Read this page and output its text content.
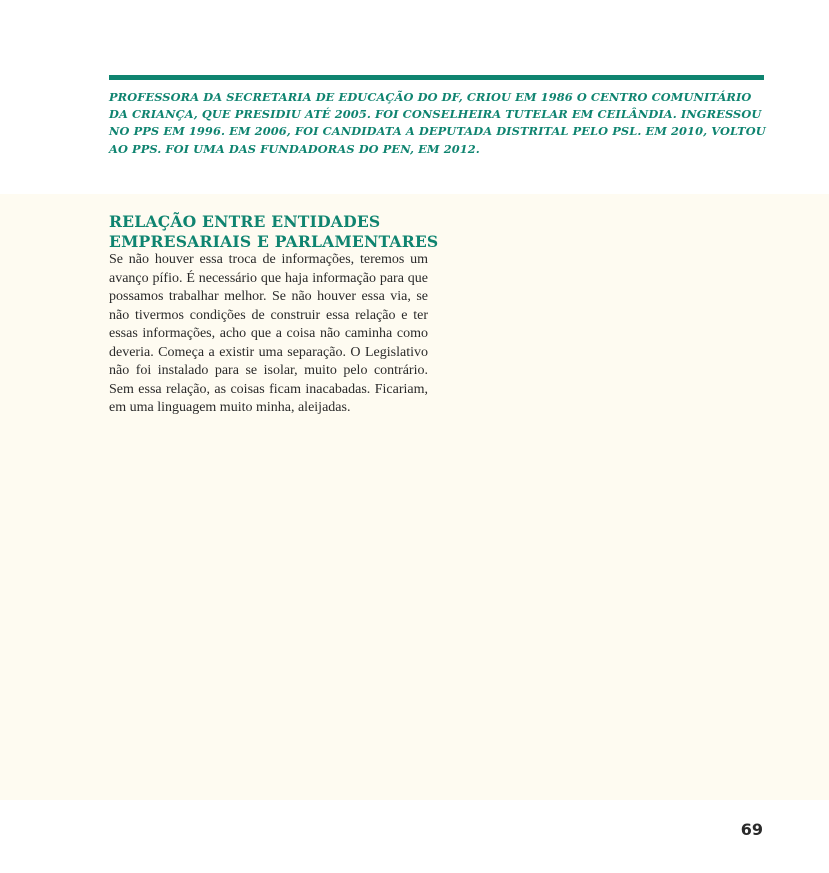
PROFESSORA DA SECRETARIA DE EDUCAÇÃO DO DF, CRIOU EM 1986 O CENTRO COMUNITÁRIO DA CRIANÇA, QUE PRESIDIU ATÉ 2005. FOI CONSELHEIRA TUTELAR EM CEILÂNDIA. INGRESSOU NO PPS EM 1996. EM 2006, FOI CANDIDATA A DEPUTADA DISTRITAL PELO PSL. EM 2010, VOLTOU AO PPS. FOI UMA DAS FUNDADORAS DO PEN, EM 2012.

RELAÇÃO ENTRE ENTIDADES EMPRESARIAIS E PARLAMENTARES

Se não houver essa troca de informações, teremos um avanço pífio. É necessário que haja informação para que possamos trabalhar melhor. Se não houver essa via, se não tivermos condições de construir essa relação e ter essas informações, acho que a coisa não caminha como deveria. Começa a existir uma separação. O Legislativo não foi instalado para se isolar, muito pelo contrário. Sem essa relação, as coisas ficam inacabadas. Ficariam, em uma linguagem muito minha, aleijadas.

69
